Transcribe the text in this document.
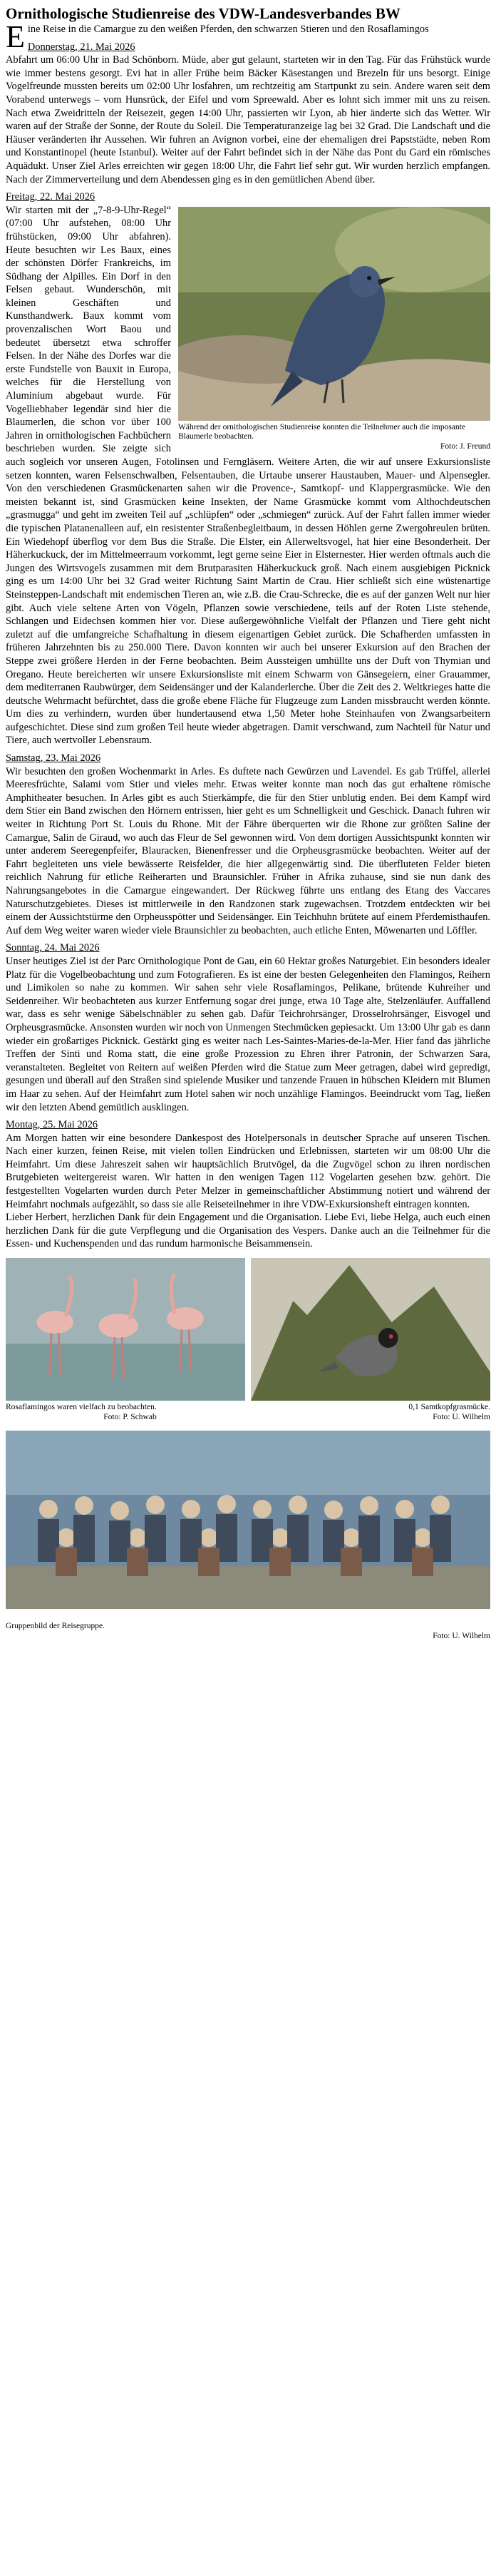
Ornithologische Studienreise des VDW-Landesverbandes BW

Eine Reise in die Camargue zu den weißen Pferden, den schwarzen Stieren und den Rosaflamingos

Donnerstag, 21. Mai 2026

Abfahrt um 06:00 Uhr in Bad Schönborn. Müde, aber gut gelaunt, starteten wir in den Tag. Für das Frühstück wurde wie immer bestens gesorgt. Evi hat in aller Frühe beim Bäcker Käsestangen und Brezeln für uns besorgt. Einige Vogelfreunde mussten bereits um 02:00 Uhr losfahren, um rechtzeitig am Startpunkt zu sein. Andere waren seit dem Vorabend unterwegs – vom Hunsrück, der Eifel und vom Spreewald. Aber es lohnt sich immer mit uns zu reisen. Nach etwa Zweidritteln der Reisezeit, gegen 14:00 Uhr, passierten wir Lyon, ab hier änderte sich das Wetter. Wir waren auf der Straße der Sonne, der Route du Soleil. Die Temperaturanzeige lag bei 32 Grad. Die Landschaft und die Häuser veränderten ihr Aussehen. Wir fuhren an Avignon vorbei, eine der ehemaligen drei Papststädte, neben Rom und Konstantinopel (heute Istanbul). Weiter auf der Fahrt befindet sich in der Nähe das Pont du Gard ein römisches Aquädukt. Unser Ziel Arles erreichten wir gegen 18:00 Uhr, die Fahrt lief sehr gut. Wir wurden herzlich empfangen. Nach der Zimmerverteilung und dem Abendessen ging es in den gemütlichen Abend über.

Freitag, 22. Mai 2026
Während der ornithologischen Studienreise konnten die Teilnehmer auch die imposante Blaumerle beobachten.
Foto: J. Freund

Wir starten mit der „7-8-9-Uhr-Regel“ (07:00 Uhr aufstehen, 08:00 Uhr frühstücken, 09:00 Uhr abfahren). Heute besuchten wir Les Baux, eines der schönsten Dörfer Frankreichs, im Südhang der Alpilles. Ein Dorf in den Felsen gebaut. Wunderschön, mit kleinen Geschäften und Kunsthandwerk. Baux kommt vom provenzalischen Wort Baou und bedeutet übersetzt etwa schroffer Felsen. In der Nähe des Dorfes war die erste Fundstelle von Bauxit in Europa, welches für die Herstellung von Aluminium abgebaut wurde. Für Vogelliebhaber legendär sind hier die Blaumerlen, die schon vor über 100 Jahren in ornithologischen Fachbüchern beschrieben wurden. Sie zeigte sich auch sogleich vor unseren Augen, Fotolinsen und Ferngläsern. Weitere Arten, die wir auf unsere Exkursionsliste setzen konnten, waren Felsenschwalben, Felsentauben, die Urtaube unserer Haustauben, Mauer- und Alpensegler. Von den verschiedenen Grasmückenarten sahen wir die Provence-, Samtkopf- und Klappergrasmücke. Wie den meisten bekannt ist, sind Grasmücken keine Insekten, der Name Grasmücke kommt vom Althochdeutschen „grasmugga“ und geht im zweiten Teil auf „schlüpfen“ oder „schmiegen“ zurück. Auf der Fahrt fallen immer wieder die typischen Platanenalleen auf, ein resistenter Straßenbegleitbaum, in dessen Höhlen gerne Zwergohreulen brüten. Ein Wiedehopf überflog vor dem Bus die Straße. Die Elster, ein Allerweltsvogel, hat hier eine Besonderheit. Der Häherkuckuck, der im Mittelmeerraum vorkommt, legt gerne seine Eier in Elsternester. Hier werden oftmals auch die Jungen des Wirtsvogels zusammen mit dem Brutparasiten Häherkuckuck groß. Nach einem ausgiebigen Picknick ging es um 14:00 Uhr bei 32 Grad weiter Richtung Saint Martin de Crau. Hier schließt sich eine wüstenartige Steinsteppen-Landschaft mit endemischen Tieren an, wie z.B. die Crau-Schrecke, die es auf der ganzen Welt nur hier gibt. Auch viele seltene Arten von Vögeln, Pflanzen sowie verschiedene, teils auf der Roten Liste stehende, Schlangen und Eidechsen kommen hier vor. Diese außergewöhnliche Vielfalt der Pflanzen und Tiere geht nicht zuletzt auf die umfangreiche Schafhaltung in diesem eigenartigen Gebiet zurück. Die Schafherden umfassten in früheren Jahrzehnten bis zu 250.000 Tiere. Davon konnten wir auch bei unserer Exkursion auf den Brachen der Steppe zwei größere Herden in der Ferne beobachten. Beim Aussteigen umhüllte uns der Duft von Thymian und Oregano. Heute bereicherten wir unsere Exkursionsliste mit einem Schwarm von Gänsegeiern, einer Grauammer, dem mediterranen Raubwürger, dem Seidensänger und der Kalanderlerche. Über die Zeit des 2. Weltkrieges hatte die deutsche Wehrmacht befürchtet, dass die große ebene Fläche für Flugzeuge zum Landen missbraucht werden könnte. Um dies zu verhindern, wurden über hundertausend etwa 1,50 Meter hohe Steinhaufen von Zwangsarbeitern aufgeschichtet. Diese sind zum großen Teil heute wieder abgetragen. Damit verschwand, zum Nachteil für Natur und Tiere, auch wertvoller Lebensraum.

Samstag, 23. Mai 2026

Wir besuchten den großen Wochenmarkt in Arles. Es duftete nach Gewürzen und Lavendel. Es gab Trüffel, allerlei Meeresfrüchte, Salami vom Stier und vieles mehr. Etwas weiter konnte man noch das gut erhaltene römische Amphitheater besuchen. In Arles gibt es auch Stierkämpfe, die für den Stier unblutig enden. Bei dem Kampf wird dem Stier ein Band zwischen den Hörnern entrissen, hier geht es um Schnelligkeit und Geschick. Danach fuhren wir weiter in Richtung Port St. Louis du Rhone. Mit der Fähre überquerten wir die Rhone zur größten Saline der Camargue, Salin de Giraud, wo auch das Fleur de Sel gewonnen wird. Von dem dortigen Aussichtspunkt konnten wir unter anderem Seeregenpfeifer, Blauracken, Bienenfresser und die Orpheusgrasmücke beobachten. Weiter auf der Fahrt begleiteten uns viele bewässerte Reisfelder, die hier allgegenwärtig sind. Die überfluteten Felder bieten reichlich Nahrung für etliche Reiherarten und Braunsichler. Früher in Afrika zuhause, sind sie nun dank des Nahrungsangebotes in die Camargue eingewandert. Der Rückweg führte uns entlang des Etang des Vaccares Naturschutzgebietes. Dieses ist mittlerweile in den Randzonen stark zugewachsen. Trotzdem entdeckten wir bei einem der Aussichtstürme den Orpheusspötter und Seidensänger. Ein Teichhuhn brütete auf einem Pferdemisthaufen. Auf dem Weg weiter waren wieder viele Braunsichler zu beobachten, auch etliche Enten, Möwenarten und Löffler.

Sonntag, 24. Mai 2026

Unser heutiges Ziel ist der Parc Ornithologique Pont de Gau, ein 60 Hektar großes Naturgebiet. Ein besonders idealer Platz für die Vogelbeobachtung und zum Fotografieren. Es ist eine der besten Gelegenheiten den Flamingos, Reihern und Limikolen so nahe zu kommen. Wir sahen sehr viele Rosaflamingos, Pelikane, brütende Kuhreiher und Seidenreiher. Wir beobachteten aus kurzer Entfernung sogar drei junge, etwa 10 Tage alte, Stelzenläufer. Auffallend war, dass es sehr wenige Säbelschnäbler zu sehen gab. Dafür Teichrohrsänger, Drosselrohrsänger, Eisvogel und Orpheusgrasmücke. Ansonsten wurden wir noch von Unmengen Stechmücken gepiesackt. Um 13:00 Uhr gab es dann wieder ein großartiges Picknick. Gestärkt ging es weiter nach Les-Saintes-Maries-de-la-Mer. Hier fand das jährliche Treffen der Sinti und Roma statt, die eine große Prozession zu Ehren ihrer Patronin, der Schwarzen Sara, veranstalteten. Begleitet von Reitern auf weißen Pferden wird die Statue zum Meer getragen, dabei wird gepredigt, gesungen und überall auf den Straßen sind spielende Musiker und tanzende Frauen in hübschen Kleidern mit Blumen im Haar zu sehen. Auf der Heimfahrt zum Hotel sahen wir noch unzählige Flamingos. Beeindruckt vom Tag, ließen wir den letzten Abend gemütlich ausklingen.

Montag, 25. Mai 2026

Am Morgen hatten wir eine besondere Dankespost des Hotelpersonals in deutscher Sprache auf unseren Tischen. Nach einer kurzen, feinen Reise, mit vielen tollen Eindrücken und Erlebnissen, starteten wir um 08:00 Uhr die Heimfahrt. Um diese Jahreszeit sahen wir hauptsächlich Brutvögel, da die Zugvögel schon zu ihren nordischen Brutgebieten weitergereist waren. Wir hatten in den wenigen Tagen 112 Vogelarten gesehen bzw. gehört. Die festgestellten Vogelarten wurden durch Peter Melzer in gemeinschaftlicher Abstimmung notiert und während der Heimfahrt nochmals aufgezählt, so dass sie alle Reiseteilnehmer in ihre VDW-Exkursionsheft eintragen konnten.

Lieber Herbert, herzlichen Dank für dein Engagement und die Organisation. Liebe Evi, liebe Helga, auch euch einen herzlichen Dank für die gute Verpflegung und die Organisation des Vespers. Danke auch an die Teilnehmer für die Essen- und Kuchenspenden und das rundum harmonische Beisammensein.

Rosaflamingos waren vielfach zu beobachten.
Foto: P. Schwab
0,1 Samtkopfgrasmücke.
Foto: U. Wilhelm
Gruppenbild der Reisegruppe.
Foto: U. Wilhelm
